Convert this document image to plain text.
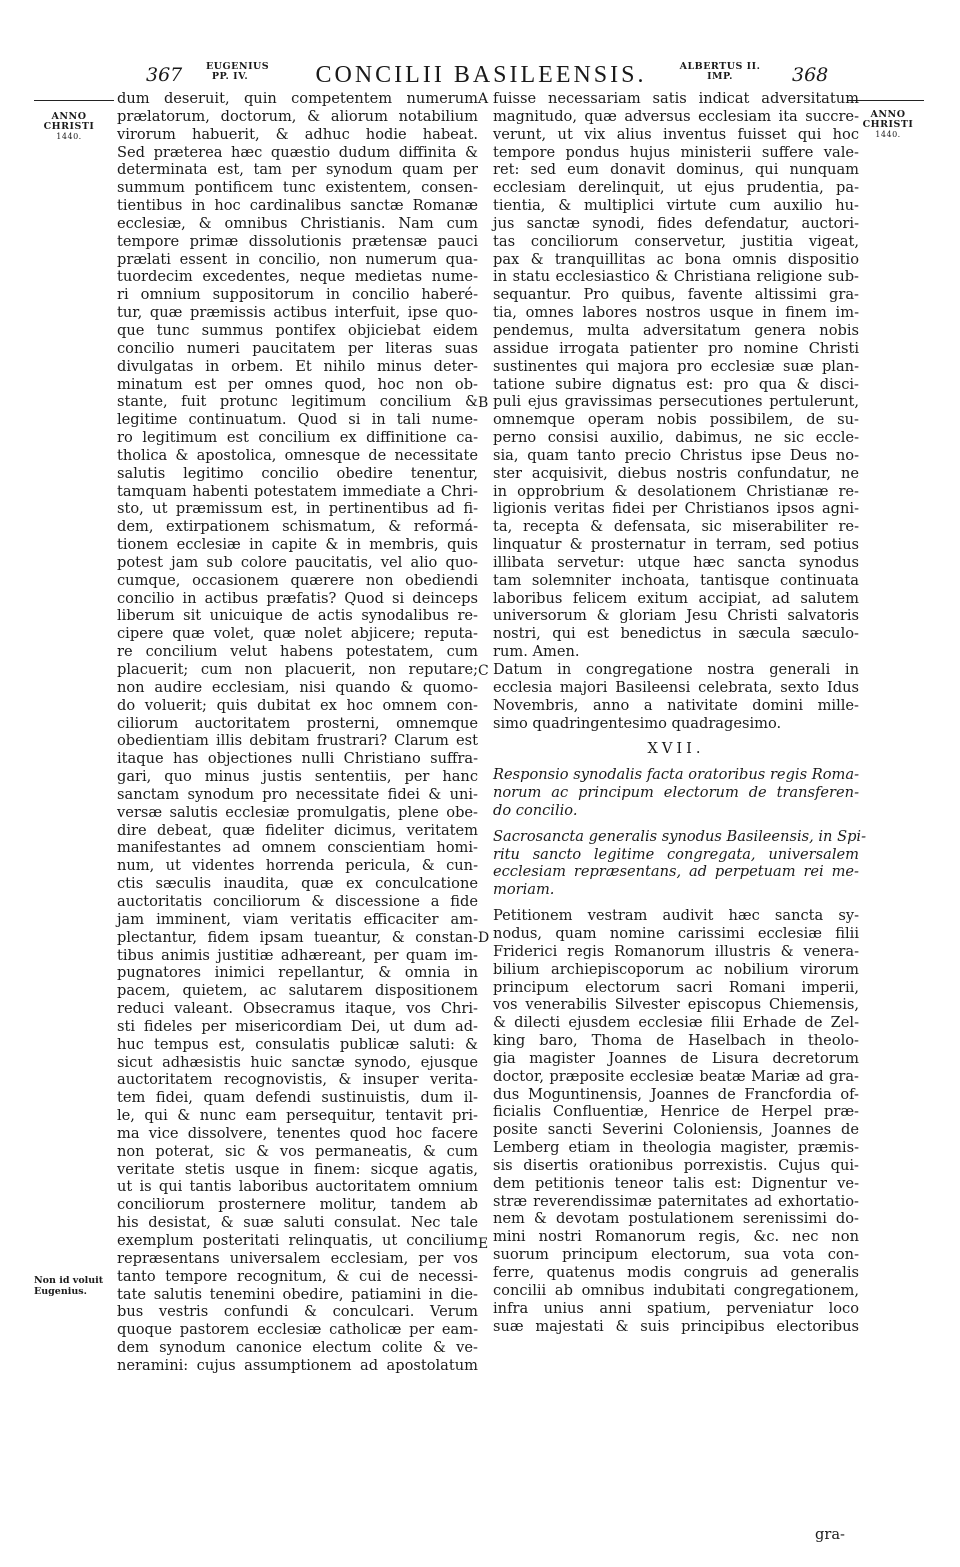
367 EUGENIUS
PP. IV.	CONCILII BASILEENSIS.	ALBERTUS II.
IMP.	368
ANNO
CHRISTI
1440.
ANNO
CHRISTI
1440.
Non id voluit
Eugenius.
A
B
C
D
E
dum deseruit, quin competentem numerum
prælatorum, doctorum, & aliorum notabilium
virorum habuerit, & adhuc hodie habeat.
Sed præterea hæc quæstio dudum diffinita &
determinata est, tam per synodum quam per
summum pontificem tunc existentem, consen-
tientibus in hoc cardinalibus sanctæ Romanæ
ecclesiæ, & omnibus Christianis. Nam cum
tempore primæ dissolutionis prætensæ pauci
prælati essent in concilio, non numerum qua-
tuordecim excedentes, neque medietas nume-
ri omnium suppositorum in concilio haberé-
tur, quæ præmissis actibus interfuit, ipse quo-
que tunc summus pontifex objiciebat eidem
concilio numeri paucitatem per literas suas
divulgatas in orbem. Et nihilo minus deter-
minatum est per omnes quod, hoc non ob-
stante, fuit protunc legitimum concilium &
legitime continuatum. Quod si in tali nume-
ro legitimum est concilium ex diffinitione ca-
tholica & apostolica, omnesque de necessitate
salutis legitimo concilio obedire tenentur,
tamquam habenti potestatem immediate a Chri-
sto, ut præmissum est, in pertinentibus ad fi-
dem, extirpationem schismatum, & reformá-
tionem ecclesiæ in capite & in membris, quis
potest jam sub colore paucitatis, vel alio quo-
cumque, occasionem quærere non obediendi
concilio in actibus præfatis? Quod si deinceps
liberum sit unicuique de actis synodalibus re-
cipere quæ volet, quæ nolet abjicere; reputa-
re concilium velut habens potestatem, cum
placuerit; cum non placuerit, non reputare;
non audire ecclesiam, nisi quando & quomo-
do voluerit; quis dubitat ex hoc omnem con-
ciliorum auctoritatem prosterni, omnemque
obedientiam illis debitam frustrari? Clarum est
itaque has objectiones nulli Christiano suffra-
gari, quo minus justis sententiis, per hanc
sanctam synodum pro necessitate fidei & uni-
versæ salutis ecclesiæ promulgatis, plene obe-
dire debeat, quæ fideliter dicimus, veritatem
manifestantes ad omnem conscientiam homi-
num, ut videntes horrenda pericula, & cun-
ctis sæculis inaudita, quæ ex conculcatione
auctoritatis conciliorum & discessione a fide
jam imminent, viam veritatis efficaciter am-
plectantur, fidem ipsam tueantur, & constan-
tibus animis justitiæ adhæreant, per quam im-
pugnatores inimici repellantur, & omnia in
pacem, quietem, ac salutarem dispositionem
reduci valeant. Obsecramus itaque, vos Chri-
sti fideles per misericordiam Dei, ut dum ad-
huc tempus est, consulatis publicæ saluti: &
sicut adhæsistis huic sanctæ synodo, ejusque
auctoritatem recognovistis, & insuper verita-
tem fidei, quam defendi sustinuistis, dum il-
le, qui & nunc eam persequitur, tentavit pri-
ma vice dissolvere, tenentes quod hoc facere
non poterat, sic & vos permaneatis, & cum
veritate stetis usque in finem: sicque agatis,
ut is qui tantis laboribus auctoritatem omnium
conciliorum prosternere molitur, tandem ab
his desistat, & suæ saluti consulat. Nec tale
exemplum posteritati relinquatis, ut concilium
repræsentans universalem ecclesiam, per vos
tanto tempore recognitum, & cui de necessi-
tate salutis tenemini obedire, patiamini in die-
bus vestris confundi & conculcari. Verum
quoque pastorem ecclesiæ catholicæ per eam-
dem synodum canonice electum colite & ve-
neramini: cujus assumptionem ad apostolatum
fuisse necessariam satis indicat adversitatum
magnitudo, quæ adversus ecclesiam ita succre-
verunt, ut vix alius inventus fuisset qui hoc
tempore pondus hujus ministerii suffere vale-
ret: sed eum donavit dominus, qui nunquam
ecclesiam derelinquit, ut ejus prudentia, pa-
tientia, & multiplici virtute cum auxilio hu-
jus sanctæ synodi, fides defendatur, auctori-
tas conciliorum conservetur, justitia vigeat,
pax & tranquillitas ac bona omnis dispositio
in statu ecclesiastico & Christiana religione sub-
sequantur. Pro quibus, favente altissimi gra-
tia, omnes labores nostros usque in finem im-
pendemus, multa adversitatum genera nobis
assidue irrogata patienter pro nomine Christi
sustinentes qui majora pro ecclesiæ suæ plan-
tatione subire dignatus est: pro qua & disci-
puli ejus gravissimas persecutiones pertulerunt,
omnemque operam nobis possibilem, de su-
perno consisi auxilio, dabimus, ne sic eccle-
sia, quam tanto precio Christus ipse Deus no-
ster acquisivit, diebus nostris confundatur, ne
in opprobrium & desolationem Christianæ re-
ligionis veritas fidei per Christianos ipsos agni-
ta, recepta & defensata, sic miserabiliter re-
linquatur & prosternatur in terram, sed potius
illibata servetur: utque hæc sancta synodus
tam solemniter inchoata, tantisque continuata
laboribus felicem exitum accipiat, ad salutem
universorum & gloriam Jesu Christi salvatoris
nostri, qui est benedictus in sæcula sæculo-
rum. Amen.
Datum in congregatione nostra generali in
ecclesia majori Basileensi celebrata, sexto Idus
Novembris, anno a nativitate domini mille-
simo quadringentesimo quadragesimo.
XVII.
Responsio synodalis facta oratoribus regis Roma-
norum ac principum electorum de transferen-
do concilio.
Sacrosancta generalis synodus Basileensis, in Spi-
ritu sancto legitime congregata, universalem
ecclesiam repræsentans, ad perpetuam rei me-
moriam.
Petitionem vestram audivit hæc sancta sy-
nodus, quam nomine carissimi ecclesiæ filii
Friderici regis Romanorum illustris & venera-
bilium archiepiscoporum ac nobilium virorum
principum electorum sacri Romani imperii,
vos venerabilis Silvester episcopus Chiemensis,
& dilecti ejusdem ecclesiæ filii Erhade de Zel-
king baro, Thoma de Haselbach in theolo-
gia magister Joannes de Lisura decretorum
doctor, præposite ecclesiæ beatæ Mariæ ad gra-
dus Moguntinensis, Joannes de Francfordia of-
ficialis Confluentiæ, Henrice de Herpel præ-
posite sancti Severini Coloniensis, Joannes de
Lemberg etiam in theologia magister, præmis-
sis disertis orationibus porrexistis. Cujus qui-
dem petitionis teneor talis est: Dignentur ve-
stræ reverendissimæ paternitates ad exhortatio-
nem & devotam postulationem serenissimi do-
mini nostri Romanorum regis, &c. nec non
suorum principum electorum, sua vota con-
ferre, quatenus modis congruis ad generalis
concilii ab omnibus indubitati congregationem,
infra unius anni spatium, perveniatur loco
suæ majestati & suis principibus electoribus
gra-
